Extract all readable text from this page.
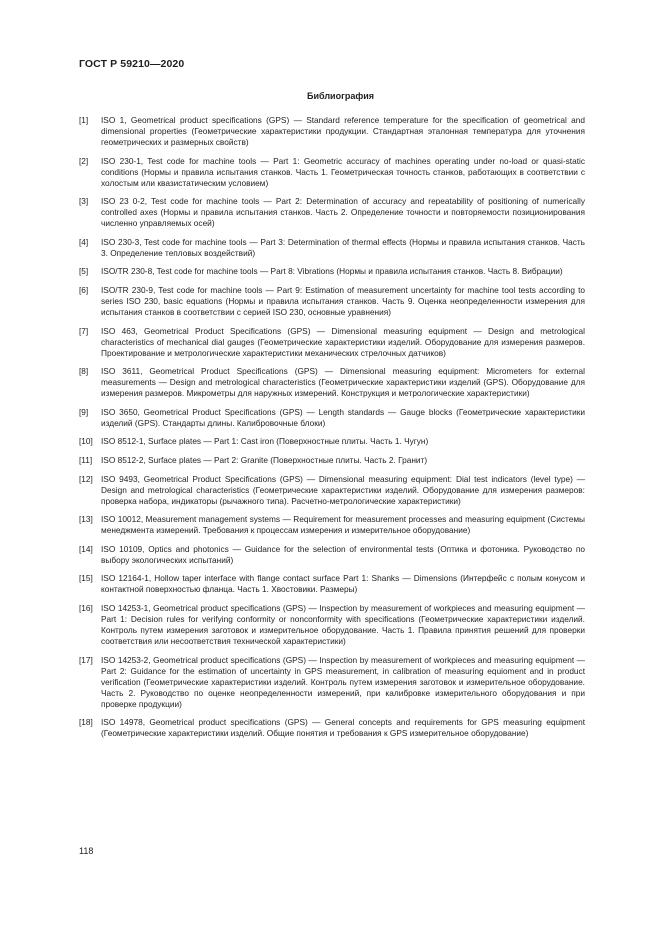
ГОСТ Р 59210—2020
Библиография
[1]	ISO 1, Geometrical product specifications (GPS) — Standard reference temperature for the specification of geometrical and dimensional properties (Геометрические характеристики продукции. Стандартная эталонная температура для уточнения геометрических и размерных свойств)
[2]	ISO 230-1, Test code for machine tools — Part 1: Geometric accuracy of machines operating under no-load or quasi-static conditions (Нормы и правила испытания станков. Часть 1. Геометрическая точность станков, работающих в соответствии с холостым или квазистатическим условием)
[3]	ISO 23 0-2, Test code for machine tools — Part 2: Determination of accuracy and repeatability of positioning of numerically controlled axes (Нормы и правила испытания станков. Часть 2. Определение точности и повторяемости позиционирования численно управляемых осей)
[4]	ISO 230-3, Test code for machine tools — Part 3: Determination of thermal effects (Нормы и правила испытания станков. Часть 3. Определение тепловых воздействий)
[5]	ISO/TR 230-8, Test code for machine tools — Part 8: Vibrations (Нормы и правила испытания станков. Часть 8. Вибрации)
[6]	ISO/TR 230-9, Test code for machine tools — Part 9: Estimation of measurement uncertainty for machine tool tests according to series ISO 230, basic equations (Нормы и правила испытания станков. Часть 9. Оценка неопределенности измерения для испытания станков в соответствии с серией ISO 230, основные уравнения)
[7]	ISO 463, Geometrical Product Specifications (GPS) — Dimensional measuring equipment — Design and metrological characteristics of mechanical dial gauges (Геометрические характеристики изделий. Оборудование для измерения размеров. Проектирование и метрологические характеристики механических стрелочных датчиков)
[8]	ISO 3611, Geometrical Product Specifications (GPS) — Dimensional measuring equipment: Micrometers for external measurements — Design and metrological characteristics (Геометрические характеристики изделий (GPS). Оборудование для измерения размеров. Микрометры для наружных измерений. Конструкция и метрологические характеристики)
[9]	ISO 3650, Geometrical Product Specifications (GPS) — Length standards — Gauge blocks (Геометрические характеристики изделий (GPS). Стандарты длины. Калибровочные блоки)
[10] ISO 8512-1, Surface plates — Part 1: Cast iron (Поверхностные плиты. Часть 1. Чугун)
[11]	ISO 8512-2, Surface plates — Part 2: Granite (Поверхностные плиты. Часть 2. Гранит)
[12] ISO 9493, Geometrical Product Specifications (GPS) — Dimensional measuring equipment: Dial test indicators (level type) — Design and metrological characteristics (Геометрические характеристики изделий. Оборудование для измерения размеров: проверка набора, индикаторы (рычажного типа). Расчетно-метрологические характеристики)
[13] ISO 10012, Measurement management systems — Requirement for measurement processes and measuring equipment (Системы менеджмента измерений. Требования к процессам измерения и измерительное оборудование)
[14] ISO 10109, Optics and photonics — Guidance for the selection of environmental tests (Оптика и фотоника. Руководство по выбору экологических испытаний)
[15] ISO 12164-1, Hollow taper interface with flange contact surface Part 1: Shanks — Dimensions (Интерфейс с полым конусом и контактной поверхностью фланца. Часть 1. Хвостовики. Размеры)
[16] ISO 14253-1, Geometrical product specifications (GPS) — Inspection by measurement of workpieces and measuring equipment — Part 1: Decision rules for verifying conformity or nonconformity with specifications (Геометрические характеристики изделий. Контроль путем измерения заготовок и измерительное оборудование. Часть 1. Правила принятия решений для проверки соответствия или несоответствия технической характеристики)
[17] ISO 14253-2, Geometrical product specifications (GPS) — Inspection by measurement of workpieces and measuring equipment — Part 2: Guidance for the estimation of uncertainty in GPS measurement, in calibration of measuring equiоment and in product verification (Геометрические характеристики изделий. Контроль путем измерения заготовок и измерительное оборудование. Часть 2. Руководство по оценке неопределенности измерений, при калибровке измерительного оборудования и при проверке продукции)
[18] ISO 14978, Geometrical product specifications (GPS) — General concepts and requirements for GPS measuring equipment (Геометрические характеристики изделий. Общие понятия и требования к GPS измерительное оборудование)
118
